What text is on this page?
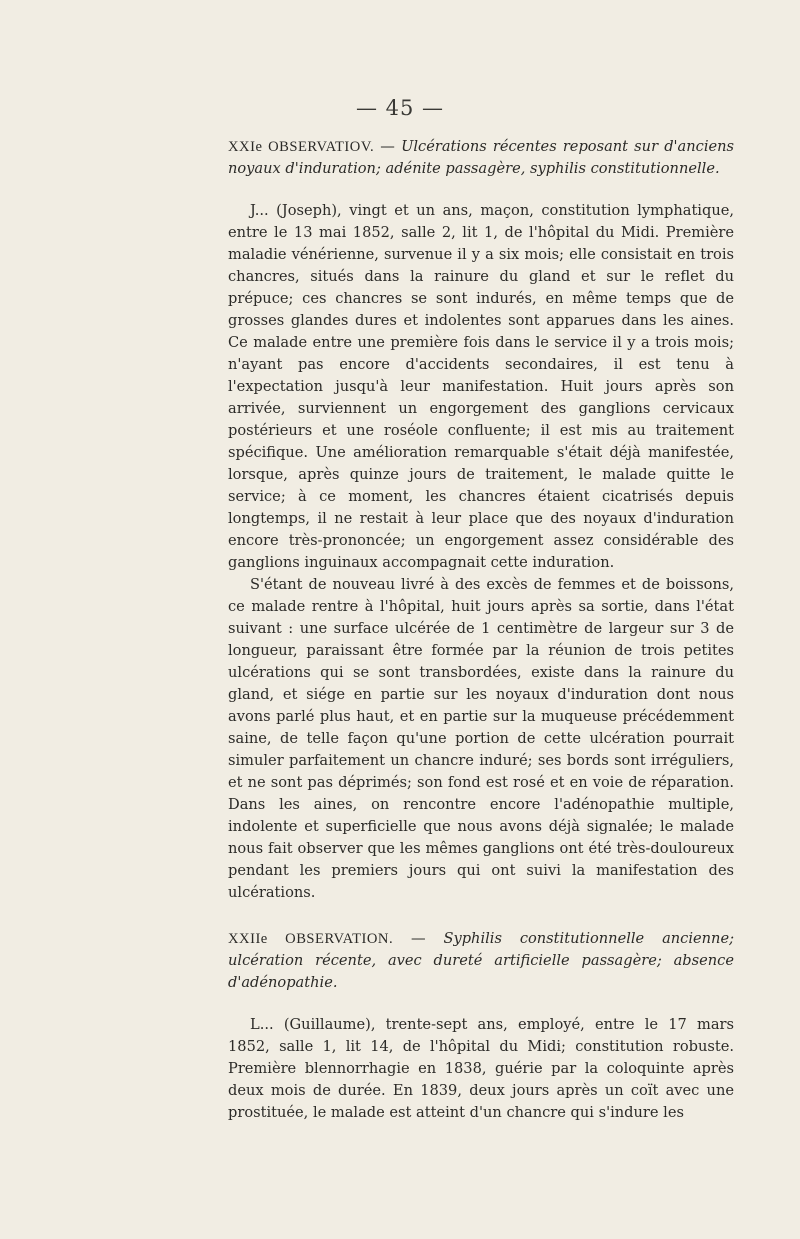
— 45 —

XXIe OBSERVATIOV. — Ulcérations récentes reposant sur d'anciens noyaux d'induration; adénite passagère, syphilis constitutionnelle.

J... (Joseph), vingt et un ans, maçon, constitution lymphatique, entre le 13 mai 1852, salle 2, lit 1, de l'hôpital du Midi. Première maladie vénérienne, survenue il y a six mois; elle consistait en trois chancres, situés dans la rainure du gland et sur le reflet du prépuce; ces chancres se sont indurés, en même temps que de grosses glandes dures et indolentes sont apparues dans les aines. Ce malade entre une première fois dans le service il y a trois mois; n'ayant pas encore d'accidents secondaires, il est tenu à l'expectation jusqu'à leur manifestation. Huit jours après son arrivée, surviennent un engorgement des ganglions cervicaux postérieurs et une roséole confluente; il est mis au traitement spécifique. Une amélioration remarquable s'était déjà manifestée, lorsque, après quinze jours de traitement, le malade quitte le service; à ce moment, les chancres étaient cicatrisés depuis longtemps, il ne restait à leur place que des noyaux d'induration encore très-prononcée; un engorgement assez considérable des ganglions inguinaux accompagnait cette induration.

S'étant de nouveau livré à des excès de femmes et de boissons, ce malade rentre à l'hôpital, huit jours après sa sortie, dans l'état suivant : une surface ulcérée de 1 centimètre de largeur sur 3 de longueur, paraissant être formée par la réunion de trois petites ulcérations qui se sont transbordées, existe dans la rainure du gland, et siége en partie sur les noyaux d'induration dont nous avons parlé plus haut, et en partie sur la muqueuse précédemment saine, de telle façon qu'une portion de cette ulcération pourrait simuler parfaitement un chancre induré; ses bords sont irréguliers, et ne sont pas déprimés; son fond est rosé et en voie de réparation. Dans les aines, on rencontre encore l'adénopathie multiple, indolente et superficielle que nous avons déjà signalée; le malade nous fait observer que les mêmes ganglions ont été très-douloureux pendant les premiers jours qui ont suivi la manifestation des ulcérations.

XXIIe OBSERVATION. — Syphilis constitutionnelle ancienne; ulcération récente, avec dureté artificielle passagère; absence d'adénopathie.

L... (Guillaume), trente-sept ans, employé, entre le 17 mars 1852, salle 1, lit 14, de l'hôpital du Midi; constitution robuste. Première blennorrhagie en 1838, guérie par la coloquinte après deux mois de durée. En 1839, deux jours après un coït avec une prostituée, le malade est atteint d'un chancre qui s'indure les
